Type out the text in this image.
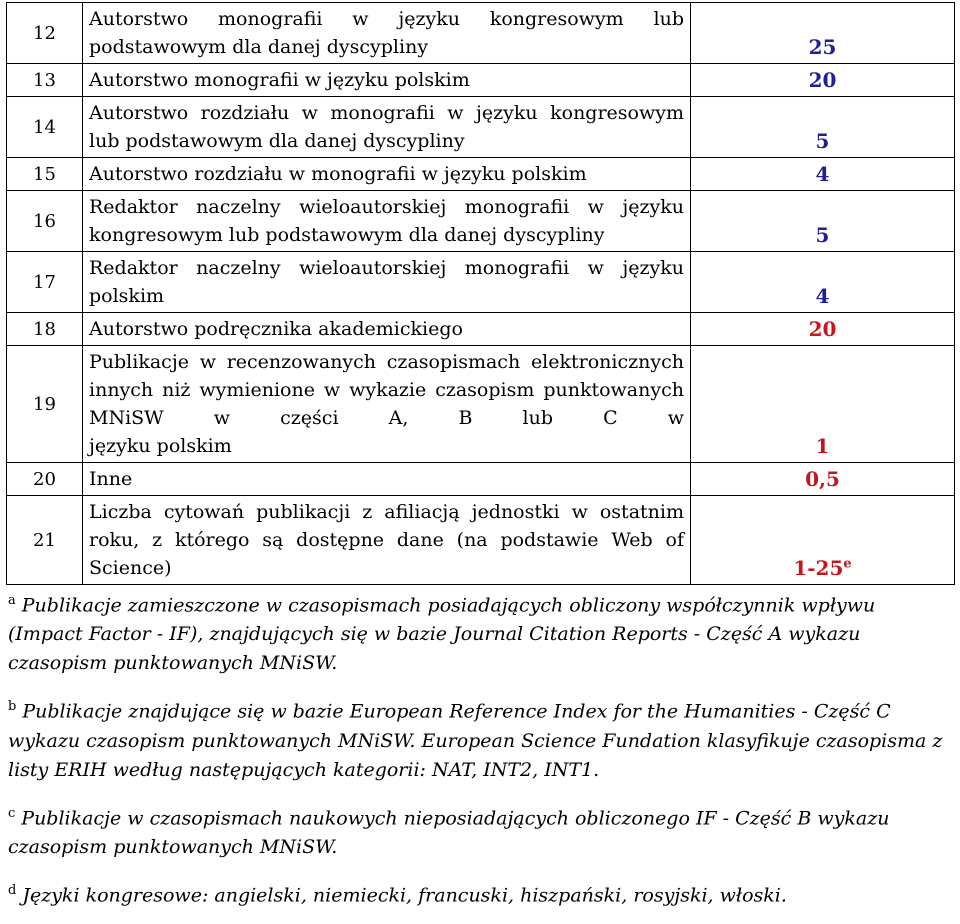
12	Autorstwo monografii w języku kongresowym lub
podstawowym dla danej dyscypliny	25
13	Autorstwo monografii w języku polskim	20
14	Autorstwo rozdziału w monografii w języku kongresowym
lub podstawowym dla danej dyscypliny	5
15	Autorstwo rozdziału w monografii w języku polskim	4
16	Redaktor naczelny wieloautorskiej monografii w języku
kongresowym lub podstawowym dla danej dyscypliny	5
17	Redaktor naczelny wieloautorskiej monografii w języku
polskim	4
18	Autorstwo podręcznika akademickiego	20
19	Publikacje w recenzowanych czasopismach elektronicznych innych niż wymienione w wykazie czasopism punktowanych MNiSW w części A, B lub C w
języku polskim	1
20	Inne	0,5
21	Liczba cytowań publikacji z afiliacją jednostki w ostatnim roku, z którego są dostępne dane (na podstawie Web of
Science)	1-25e
$^a$ Publikacje zamieszczone w czasopismach posiadających obliczony współczynnik wpływu (Impact Factor - IF), znajdujących się w bazie Journal Citation Reports - Część A wykazu czasopism punktowanych MNiSW.
$^b$ Publikacje znajdujące się w bazie European Reference Index for the Humanities - Część C wykazu czasopism punktowanych MNiSW. European Science Fundation klasyfikuje czasopisma z listy ERIH według następujących kategorii: NAT, INT2, INT1.
$^c$ Publikacje w czasopismach naukowych nieposiadających obliczonego IF - Część B wykazu czasopism punktowanych MNiSW.
$^d$ Języki kongresowe: angielski, niemiecki, francuski, hiszpański, rosyjski, włoski.
